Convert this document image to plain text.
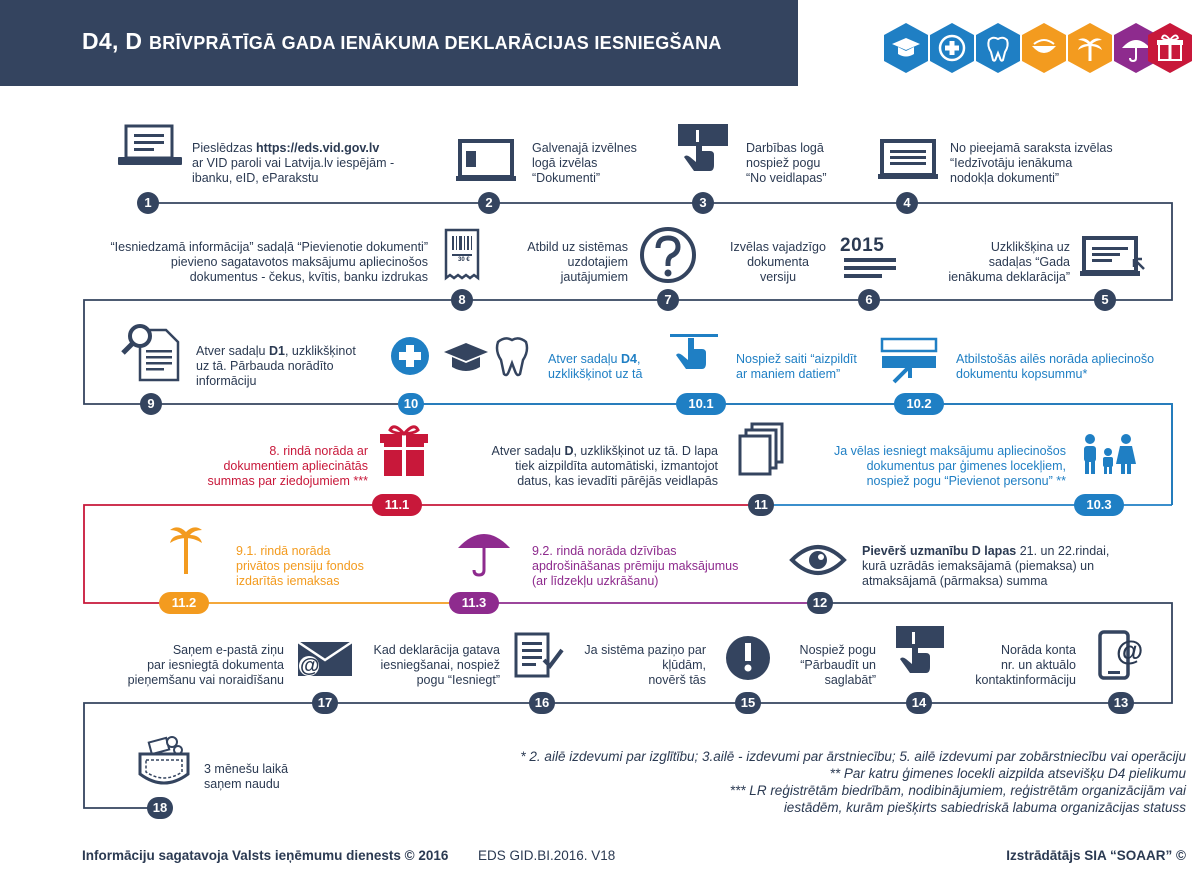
D4, D BRĪVPRĀTĪGĀ GADA IENĀKUMA DEKLARĀCIJAS IESNIEGŠANA
2015
30 €
@
@
Pieslēdzas https://eds.vid.gov.lv
ar VID paroli vai Latvija.lv iespējām -
ibanku, eID, eParakstu
Galvenajā izvēlnes
logā izvēlas
“Dokumenti”
Darbības logā
nospiež pogu
“No veidlapas”
No pieejamā saraksta izvēlas
“Iedzīvotāju ienākuma
nodokļa dokumenti”
Uzklikšķina uz
sadaļas “Gada
ienākuma deklarācija”
Izvēlas vajadzīgo
dokumenta
versiju
Atbild uz sistēmas
uzdotajiem
jautājumiem
“Iesniedzamā informācija” sadaļā “Pievienotie dokumenti”
pievieno sagatavotos maksājumu apliecinošos
dokumentus - čekus, kvītis, banku izdrukas
Atver sadaļu D1, uzklikšķinot
uz tā. Pārbauda norādīto
informāciju
Atver sadaļu D4,
uzklikšķinot uz tā
Nospiež saiti “aizpildīt
ar maniem datiem”
Atbilstošās ailēs norāda apliecinošo
dokumentu kopsummu*
Ja vēlas iesniegt maksājumu apliecinošos
dokumentus par ģimenes locekļiem,
nospiež pogu “Pievienot personu” **
Atver sadaļu D, uzklikšķinot uz tā. D lapa
tiek aizpildīta automātiski, izmantojot
datus, kas ievadīti pārējās veidlapās
8. rindā norāda ar
dokumentiem apliecinātās
summas par ziedojumiem ***
9.1. rindā norāda
privātos pensiju fondos
izdarītās iemaksas
9.2. rindā norāda dzīvības
apdrošināšanas prēmiju maksājumus
(ar līdzekļu uzkrāšanu)
Pievērš uzmanību D lapas 21. un 22.rindai,
kurā uzrādās iemaksājamā (piemaksa) un
atmaksājamā (pārmaksa) summa
Norāda konta
nr. un aktuālo
kontaktinformāciju
Nospiež pogu
“Pārbaudīt un
saglabāt”
Ja sistēma paziņo par
kļūdām,
novērš tās
Kad deklarācija gatava
iesniegšanai, nospiež
pogu “Iesniegt”
Saņem e-pastā ziņu
par iesniegtā dokumenta
pieņemšanu vai noraidīšanu
3 mēnešu laikā
saņem naudu
1	2	3	4
5
6
7
8
9	10	10.1	10.2
10.3
11
11.1
11.2	11.3	12
13
14
15
16
17
18
* 2. ailē izdevumi par izglītību; 3.ailē - izdevumi par ārstniecību; 5. ailē izdevumi par zobārstniecību vai operāciju
** Par katru ģimenes locekli aizpilda atsevišķu D4 pielikumu
*** LR reģistrētām biedrībām, nodibinājumiem, reģistrētām organizācijām vai
iestādēm, kurām piešķirts sabiedriskā labuma organizācijas statuss
Informāciju sagatavoja Valsts ieņēmumu dienests © 2016 EDS GID.BI.2016. V18	Izstrādātājs SIA “SOAAR” ©
